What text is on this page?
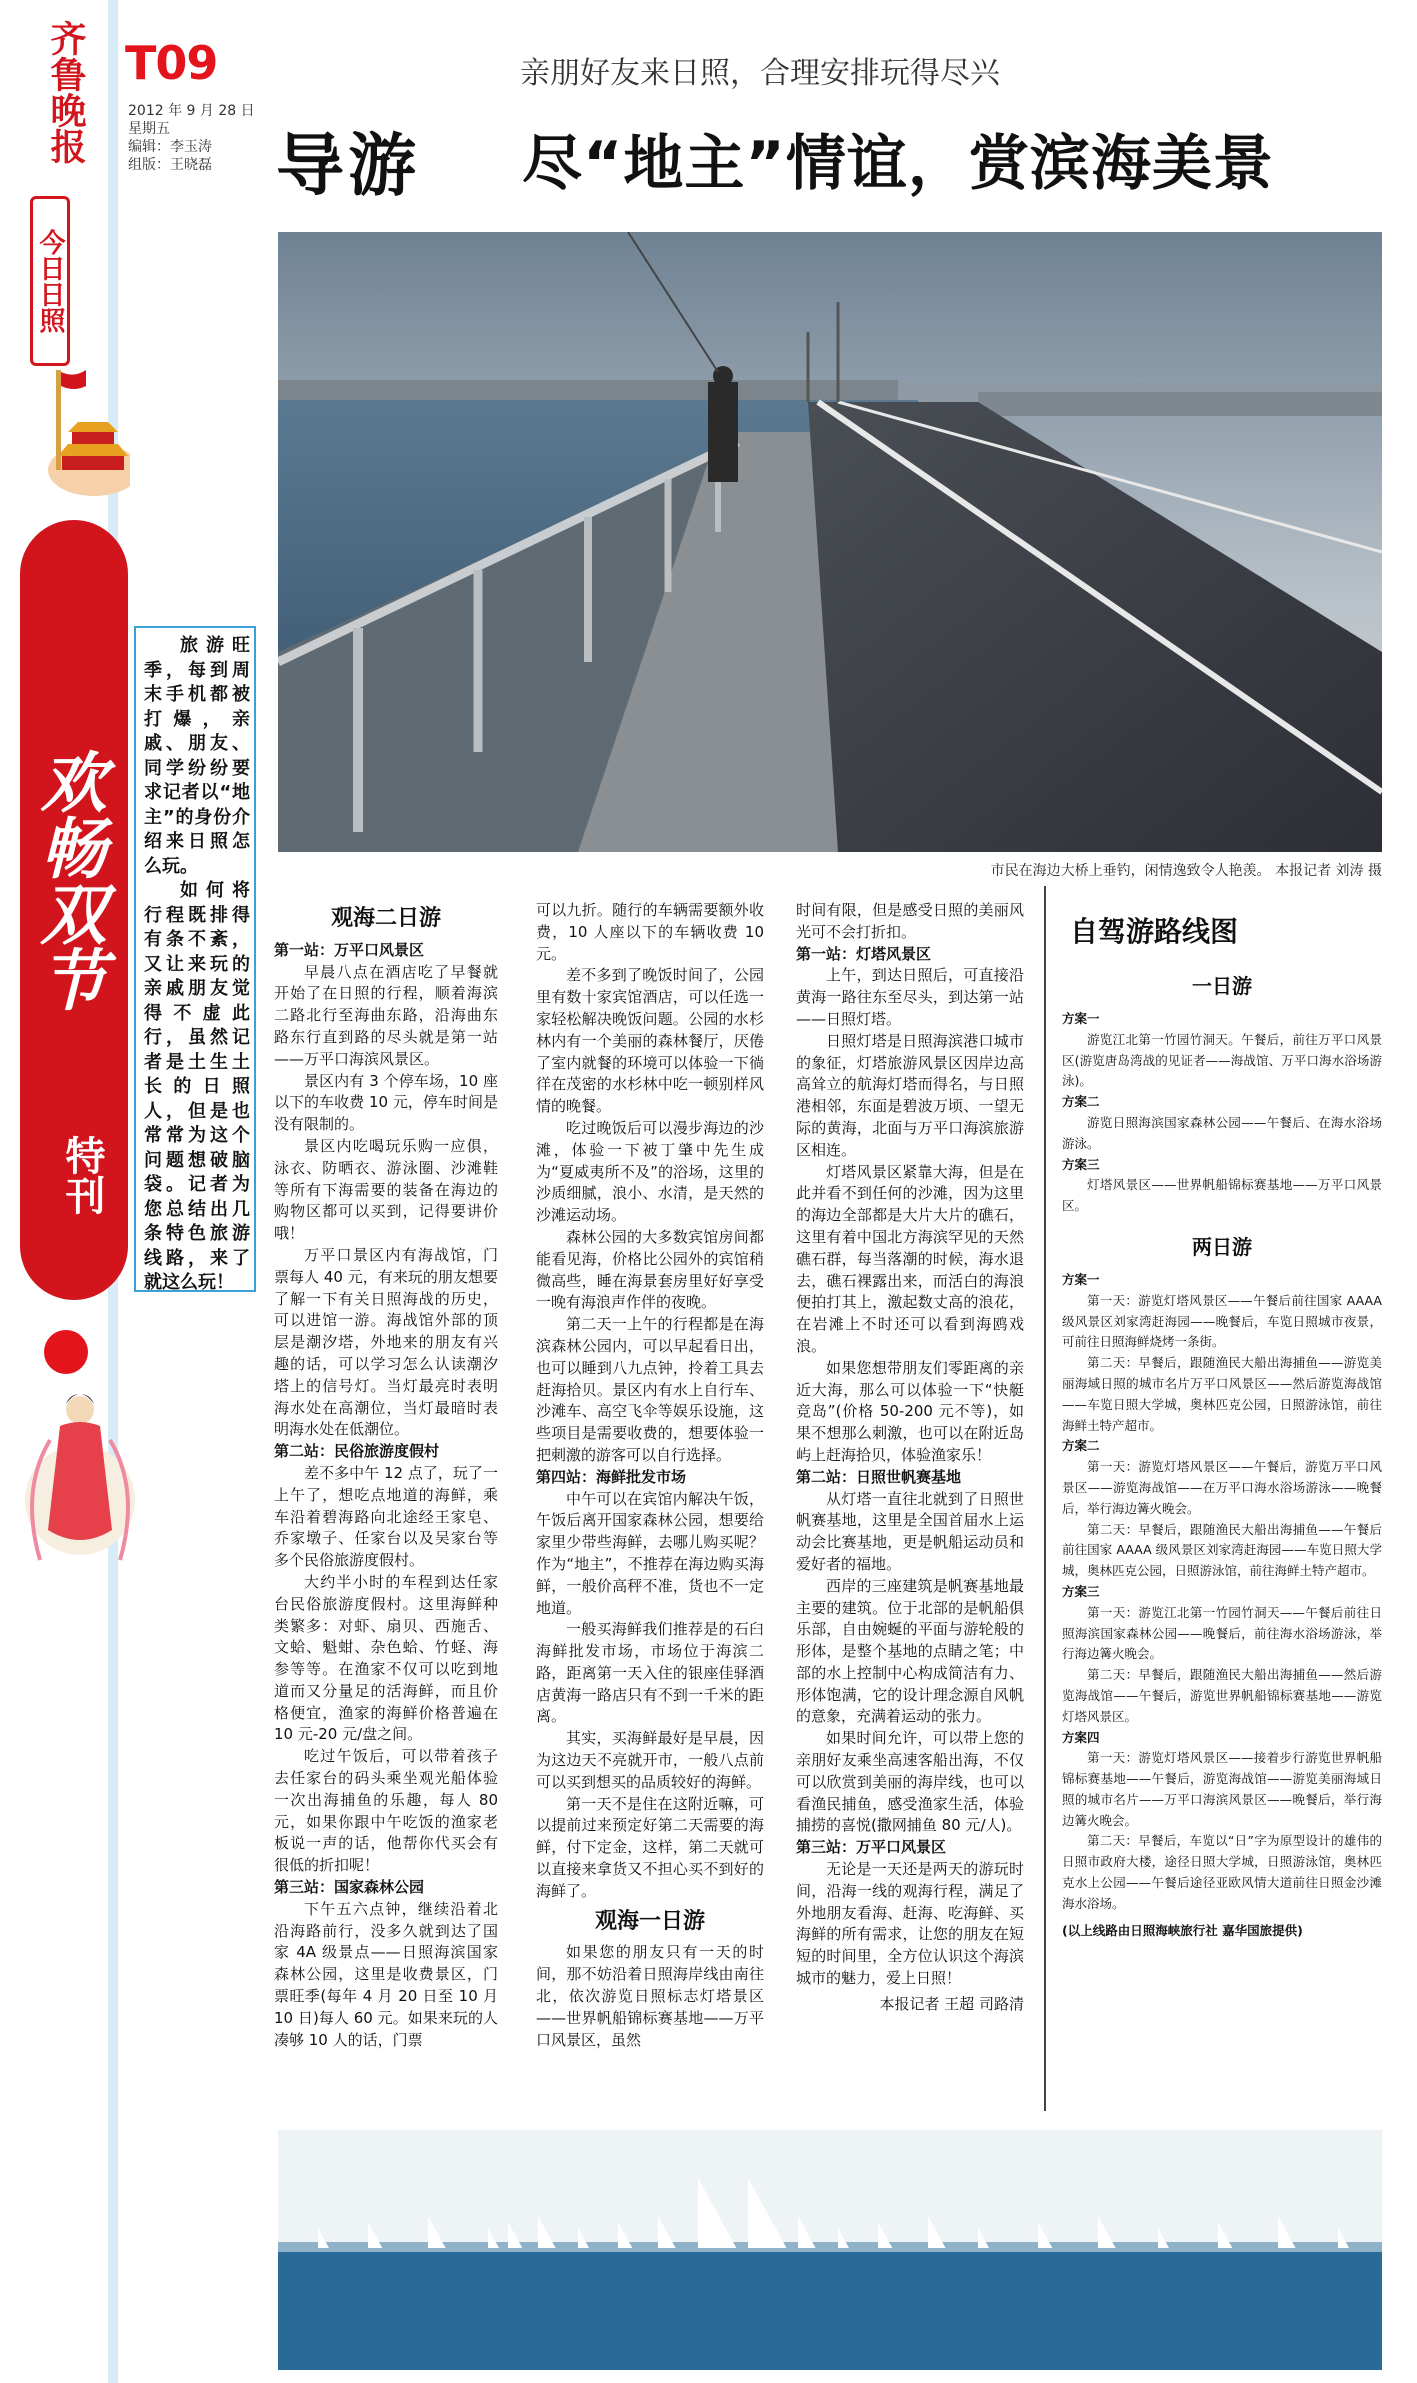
齐鲁晚报
今日日照
欢畅双节
特刊
T09
2012 年 9 月 28 日
星期五
编辑：李玉涛
组版：王晓磊
亲朋好友来日照，合理安排玩得尽兴
导游 尽“地主”情谊，赏滨海美景
市民在海边大桥上垂钓，闲情逸致令人艳羡。 本报记者 刘涛 摄

旅游旺季，每到周末手机都被打爆，亲戚、朋友、同学纷纷要求记者以“地主”的身份介绍来日照怎么玩。

如何将行程既排得有条不紊，又让来玩的亲戚朋友觉得不虚此行，虽然记者是土生土长的日照人，但是也常常为这个问题想破脑袋。记者为您总结出几条特色旅游线路，来了就这么玩！

观海二日游

第一站：万平口风景区

早晨八点在酒店吃了早餐就开始了在日照的行程，顺着海滨二路北行至海曲东路，沿海曲东路东行直到路的尽头就是第一站——万平口海滨风景区。

景区内有 3 个停车场，10 座以下的车收费 10 元，停车时间是没有限制的。

景区内吃喝玩乐购一应俱，泳衣、防晒衣、游泳圈、沙滩鞋等所有下海需要的装备在海边的购物区都可以买到，记得要讲价哦！

万平口景区内有海战馆，门票每人 40 元，有来玩的朋友想要了解一下有关日照海战的历史，可以进馆一游。海战馆外部的顶层是潮汐塔，外地来的朋友有兴趣的话，可以学习怎么认读潮汐塔上的信号灯。当灯最亮时表明海水处在高潮位，当灯最暗时表明海水处在低潮位。

第二站：民俗旅游度假村

差不多中午 12 点了，玩了一上午了，想吃点地道的海鲜，乘车沿着碧海路向北途经王家皂、乔家墩子、任家台以及吴家台等多个民俗旅游度假村。

大约半小时的车程到达任家台民俗旅游度假村。这里海鲜种类繁多：对虾、扇贝、西施舌、文蛤、魁蚶、杂色蛤、竹蛏、海参等等。在渔家不仅可以吃到地道而又分量足的活海鲜，而且价格便宜，渔家的海鲜价格普遍在 10 元-20 元/盘之间。

吃过午饭后，可以带着孩子去任家台的码头乘坐观光船体验一次出海捕鱼的乐趣，每人 80 元，如果你跟中午吃饭的渔家老板说一声的话，他帮你代买会有很低的折扣呢！

第三站：国家森林公园

下午五六点钟，继续沿着北沿海路前行，没多久就到达了国家 4A 级景点——日照海滨国家森林公园，这里是收费景区，门票旺季(每年 4 月 20 日至 10 月 10 日)每人 60 元。如果来玩的人凑够 10 人的话，门票

可以九折。随行的车辆需要额外收费，10 人座以下的车辆收费 10 元。

差不多到了晚饭时间了，公园里有数十家宾馆酒店，可以任选一家轻松解决晚饭问题。公园的水杉林内有一个美丽的森林餐厅，厌倦了室内就餐的环境可以体验一下徜徉在茂密的水杉林中吃一顿别样风情的晚餐。

吃过晚饭后可以漫步海边的沙滩，体验一下被丁肇中先生成为“夏威夷所不及”的浴场，这里的沙质细腻，浪小、水清，是天然的沙滩运动场。

森林公园的大多数宾馆房间都能看见海，价格比公园外的宾馆稍微高些，睡在海景套房里好好享受一晚有海浪声作伴的夜晚。

第二天一上午的行程都是在海滨森林公园内，可以早起看日出，也可以睡到八九点钟，拎着工具去赶海拾贝。景区内有水上自行车、沙滩车、高空飞伞等娱乐设施，这些项目是需要收费的，想要体验一把刺激的游客可以自行选择。

第四站：海鲜批发市场

中午可以在宾馆内解决午饭，午饭后离开国家森林公园，想要给家里少带些海鲜，去哪儿购买呢？作为“地主”，不推荐在海边购买海鲜，一般价高秤不准，货也不一定地道。

一般买海鲜我们推荐是的石臼海鲜批发市场，市场位于海滨二路，距离第一天入住的银座佳驿酒店黄海一路店只有不到一千米的距离。

其实，买海鲜最好是早晨，因为这边天不亮就开市，一般八点前可以买到想买的品质较好的海鲜。

第一天不是住在这附近嘛，可以提前过来预定好第二天需要的海鲜，付下定金，这样，第二天就可以直接来拿货又不担心买不到好的海鲜了。

观海一日游

如果您的朋友只有一天的时间，那不妨沿着日照海岸线由南往北，依次游览日照标志灯塔景区——世界帆船锦标赛基地——万平口风景区，虽然

时间有限，但是感受日照的美丽风光可不会打折扣。

第一站：灯塔风景区

上午，到达日照后，可直接沿黄海一路往东至尽头，到达第一站——日照灯塔。

日照灯塔是日照海滨港口城市的象征，灯塔旅游风景区因岸边高高耸立的航海灯塔而得名，与日照港相邻，东面是碧波万顷、一望无际的黄海，北面与万平口海滨旅游区相连。

灯塔风景区紧靠大海，但是在此并看不到任何的沙滩，因为这里的海边全部都是大片大片的礁石，这里有着中国北方海滨罕见的天然礁石群，每当落潮的时候，海水退去，礁石裸露出来，而活白的海浪便拍打其上，激起数丈高的浪花，在岩滩上不时还可以看到海鸥戏浪。

如果您想带朋友们零距离的亲近大海，那么可以体验一下“快艇竞岛”(价格 50-200 元不等)，如果不想那么刺激，也可以在附近岛屿上赶海拾贝，体验渔家乐！

第二站：日照世帆赛基地

从灯塔一直往北就到了日照世帆赛基地，这里是全国首届水上运动会比赛基地，更是帆船运动员和爱好者的福地。

西岸的三座建筑是帆赛基地最主要的建筑。位于北部的是帆船俱乐部，自由婉蜒的平面与游轮般的形体，是整个基地的点睛之笔；中部的水上控制中心构成简洁有力、形体饱满，它的设计理念源自风帆的意象，充满着运动的张力。

如果时间允许，可以带上您的亲朋好友乘坐高速客船出海，不仅可以欣赏到美丽的海岸线，也可以看渔民捕鱼，感受渔家生活，体验捕捞的喜悦(撒网捕鱼 80 元/人)。

第三站：万平口风景区

无论是一天还是两天的游玩时间，沿海一线的观海行程，满足了外地朋友看海、赶海、吃海鲜、买海鲜的所有需求，让您的朋友在短短的时间里，全方位认识这个海滨城市的魅力，爱上日照！

本报记者 王超 司路清

自驾游路线图
一日游

方案一

游览江北第一竹园竹洞天。午餐后，前往万平口风景区(游览唐岛湾战的见证者——海战馆、万平口海水浴场游泳)。

方案二

游览日照海滨国家森林公园——午餐后、在海水浴场游泳。

方案三

灯塔风景区——世界帆船锦标赛基地——万平口风景区。

两日游

方案一

第一天：游览灯塔风景区——午餐后前往国家 AAAA 级风景区刘家湾赶海园——晚餐后，车览日照城市夜景，可前往日照海鲜烧烤一条街。

第二天：早餐后，跟随渔民大船出海捕鱼——游览美丽海域日照的城市名片万平口风景区——然后游览海战馆——车览日照大学城，奥林匹克公园，日照游泳馆，前往海鲜土特产超市。

方案二

第一天：游览灯塔风景区——午餐后，游览万平口风景区——游览海战馆——在万平口海水浴场游泳——晚餐后，举行海边篝火晚会。

第二天：早餐后，跟随渔民大船出海捕鱼——午餐后前往国家 AAAA 级风景区刘家湾赶海园——车览日照大学城，奥林匹克公园，日照游泳馆，前往海鲜土特产超市。

方案三

第一天：游览江北第一竹园竹洞天——午餐后前往日照海滨国家森林公园——晚餐后，前往海水浴场游泳，举行海边篝火晚会。

第二天：早餐后，跟随渔民大船出海捕鱼——然后游览海战馆——午餐后，游览世界帆船锦标赛基地——游览灯塔风景区。

方案四

第一天：游览灯塔风景区——接着步行游览世界帆船锦标赛基地——午餐后，游览海战馆——游览美丽海域日照的城市名片——万平口海滨风景区——晚餐后，举行海边篝火晚会。

第二天：早餐后，车览以“日”字为原型设计的雄伟的日照市政府大楼，途径日照大学城，日照游泳馆，奥林匹克水上公园——午餐后途径亚欧风情大道前往日照金沙滩海水浴场。

(以上线路由日照海峡旅行社 嘉华国旅提供)
